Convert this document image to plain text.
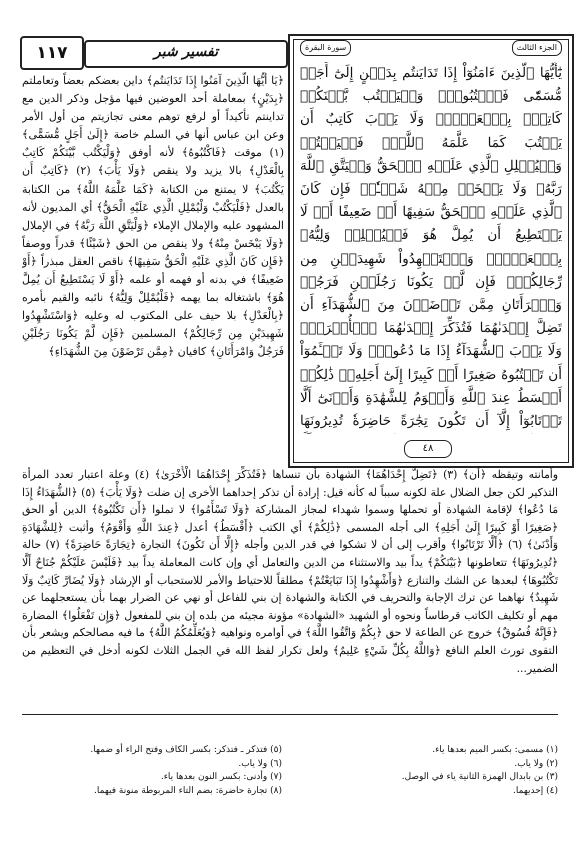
الجزء الثالث
سورة البقرة
يَٰٓأَيُّهَا ٱلَّذِينَ ءَامَنُوٓاْ إِذَا تَدَايَنتُم بِدَيۡنٍ إِلَىٰٓ أَجَلٖ مُّسَمّٗى فَٱكۡتُبُوهُۚ وَلۡيَكۡتُب بَّيۡنَكُمۡ كَاتِبُۢ بِٱلۡعَدۡلِۚ وَلَا يَأۡبَ كَاتِبٌ أَن يَكۡتُبَ كَمَا عَلَّمَهُ ٱللَّهُۚ فَلۡيَكۡتُبۡ وَلۡيُمۡلِلِ ٱلَّذِي عَلَيۡهِ ٱلۡحَقُّ وَلۡيَتَّقِ ٱللَّهَ رَبَّهُۥ وَلَا يَبۡخَسۡ مِنۡهُ شَيۡـٔٗاۚ فَإِن كَانَ ٱلَّذِي عَلَيۡهِ ٱلۡحَقُّ سَفِيهًا أَوۡ ضَعِيفًا أَوۡ لَا يَسۡتَطِيعُ أَن يُمِلَّ هُوَ فَلۡيُمۡلِلۡ وَلِيُّهُۥ بِٱلۡعَدۡلِۚ وَٱسۡتَشۡهِدُواْ شَهِيدَيۡنِ مِن رِّجَالِكُمۡۖ فَإِن لَّمۡ يَكُونَا رَجُلَيۡنِ فَرَجُلٞ وَٱمۡرَأَتَانِ مِمَّن تَرۡضَوۡنَ مِنَ ٱلشُّهَدَآءِ أَن تَضِلَّ إِحۡدَىٰهُمَا فَتُذَكِّرَ إِحۡدَىٰهُمَا ٱلۡأُخۡرَىٰۚ وَلَا يَأۡبَ ٱلشُّهَدَآءُ إِذَا مَا دُعُواْۚ وَلَا تَسۡـَٔمُوٓاْ أَن تَكۡتُبُوهُ صَغِيرًا أَوۡ كَبِيرًا إِلَىٰٓ أَجَلِهِۦۚ ذَٰلِكُمۡ أَقۡسَطُ عِندَ ٱللَّهِ وَأَقۡوَمُ لِلشَّهَٰدَةِ وَأَدۡنَىٰٓ أَلَّا تَرۡتَابُوٓاْ إِلَّآ أَن تَكُونَ تِجَٰرَةً حَاضِرَةٗ تُدِيرُونَهَا
٤٨
تفسير شبر
١١٧
﴿يَا أَيُّهَا الَّذِينَ آمَنُوا إِذَا تَدَايَنتُم﴾ داين بعضكم بعضاً وتعاملتم ﴿بِدَيْنٍ﴾ بمعاملة أحد العوضين فيها مؤجل وذكر الدين مع تداينتم تأكيداً أو لرفع توهم معنى تجازيتم من أول الأمر وعن ابن عباس أنها في السلم خاصة ﴿إِلَىٰ أَجَلٍ مُّسَمًّى﴾ (١) موقت ﴿فَاكْتُبُوهُ﴾ لأنه أوفق ﴿وَلْيَكْتُب بَّيْنَكُمْ كَاتِبٌ بِالْعَدْلِ﴾ بالا يزيد ولا ينقص ﴿وَلَا يَأْبَ﴾ (٢) ﴿كَاتِبٌ أَن يَكْتُبَ﴾ لا يمتنع من الكتابة ﴿كَمَا عَلَّمَهُ اللَّهُ﴾ من الكتابة بالعدل ﴿فَلْيَكْتُبْ وَلْيُمْلِلِ الَّذِي عَلَيْهِ الْحَقُّ﴾ أي المديون لأنه المشهود عليه والإملال الإملاء ﴿وَلْيَتَّقِ اللَّهَ رَبَّهُ﴾ في الإملال ﴿وَلَا يَبْخَسْ مِنْهُ﴾ ولا ينقص من الحق ﴿شَيْئًا﴾ قدراً ووصفاً ﴿فَإِن كَانَ الَّذِي عَلَيْهِ الْحَقُّ سَفِيهًا﴾ ناقص العقل مبذراً ﴿أَوْ ضَعِيفًا﴾ في بدنه أو فهمه أو علمه ﴿أَوْ لَا يَسْتَطِيعُ أَن يُمِلَّ هُوَ﴾ باشتغاله بما يهمه ﴿فَلْيُمْلِلْ وَلِيُّهُ﴾ نائبه والقيم بأمره ﴿بِالْعَدْلِ﴾ بلا حيف على المكتوب له وعليه ﴿وَاسْتَشْهِدُوا شَهِيدَيْنِ مِن رِّجَالِكُمْ﴾ المسلمين ﴿فَإِن لَّمْ يَكُونَا رَجُلَيْنِ فَرَجُلٌ وَامْرَأَتَانِ﴾ كافيان ﴿مِمَّن تَرْضَوْنَ مِنَ الشُّهَدَاءِ﴾
وأمانته وتيقظه ﴿أَن﴾ (٣) ﴿تَضِلَّ إِحْدَاهُمَا﴾ الشهادة بأن تنساها ﴿فَتُذَكِّرَ إِحْدَاهُمَا الْأُخْرَىٰ﴾ (٤) وعلة اعتبار تعدد المرأة التذكير لكن جعل الضلال علة لكونه سبباً له كأنه قيل: إرادة أن تذكر إحداهما الأخرى إن ضلت ﴿وَلَا يَأْبَ﴾ (٥) ﴿الشُّهَدَاءُ إِذَا مَا دُعُوا﴾ لإقامة الشهادة أو تحملها وسموا شهداء لمجاز المشاركة ﴿وَلَا تَسْأَمُوا﴾ لا تملوا ﴿أَن تَكْتُبُوهُ﴾ الدين أو الحق ﴿صَغِيرًا أَوْ كَبِيرًا إِلَىٰ أَجَلِهِ﴾ الى أجله المسمى ﴿ذَٰلِكُمْ﴾ أي الكتب ﴿أَقْسَطُ﴾ أعدل ﴿عِندَ اللَّهِ وَأَقْوَمُ﴾ وأثبت ﴿لِلشَّهَادَةِ وَأَدْنَىٰ﴾ (٦) ﴿أَلَّا تَرْتَابُوا﴾ وأقرب إلى أن لا تشكوا في قدر الدين وأجله ﴿إِلَّا أَن تَكُونَ﴾ التجارة ﴿تِجَارَةً حَاضِرَةً﴾ (٧) حالة ﴿تُدِيرُونَهَا﴾ تتعاطونها ﴿بَيْنَكُمْ﴾ يداً بيد والاستثناء من الدين والتعامل أي وإن كانت المعاملة يداً بيد ﴿فَلَيْسَ عَلَيْكُمْ جُنَاحٌ أَلَّا تَكْتُبُوهَا﴾ لبعدها عن الشك والتنازع ﴿وَأَشْهِدُوا إِذَا تَبَايَعْتُمْ﴾ مطلقاً للاحتياط والأمر للاستحباب أو الإرشاد ﴿وَلَا يُضَارَّ كَاتِبٌ وَلَا شَهِيدٌ﴾ نهاهما عن ترك الإجابة والتحريف في الكتابة والشهادة إن بني للفاعل أو نهي عن الضرار بهما بأن يستعجلهما عن مهم أو تكليف الكاتب قرطاساً ونحوه أو الشهيد «الشهادة» مؤونة مجيئه من بلده إن بني للمفعول ﴿وَإِن تَفْعَلُوا﴾ المضارة ﴿فَإِنَّهُ فُسُوقٌ﴾ خروج عن الطاعة لا حق ﴿بِكُمْ وَاتَّقُوا اللَّهَ﴾ في أوامره ونواهيه ﴿وَيُعَلِّمُكُمُ اللَّهُ﴾ ما فيه مصالحكم ويشعر بأن التقوى تورث العلم النافع ﴿وَاللَّهُ بِكُلِّ شَيْءٍ عَلِيمٌ﴾ ولعل تكرار لفظ الله في الجمل الثلاث لكونه أدخل في التعظيم من الضمير...
(١) مسمى: بكسر الميم بعدها ياء.
(٢) ولا ياب.
(٣) بن بابدال الهمزة الثانية ياء في الوصل.
(٤) إحديهما.
(٥) فتذكر ـ فتذكر: بكسر الكاف وفتح الراء أو ضمها.
(٦) ولا ياب.
(٧) وأدنى: بكسر النون بعدها ياء.
(٨) تجارة حاضرة: بضم التاء المربوطة منونة فيهما.
